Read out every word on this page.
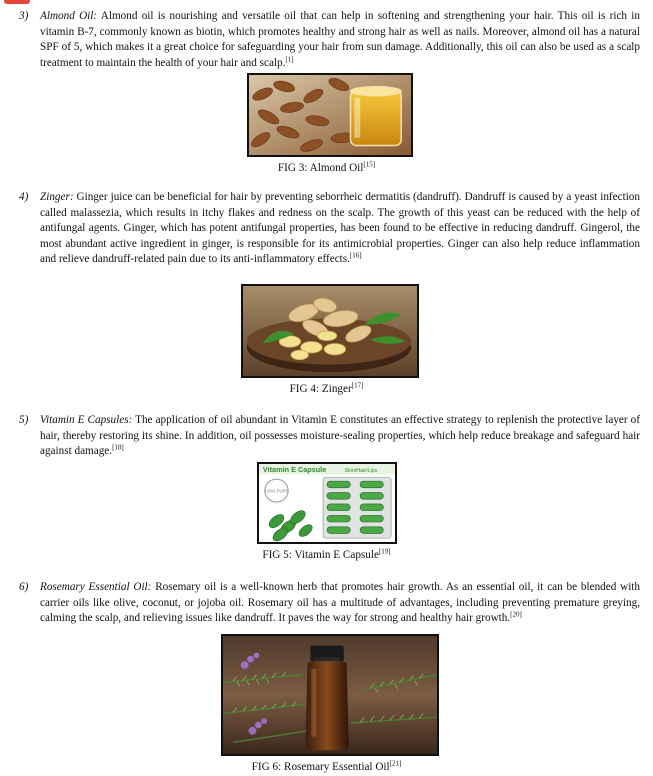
3) Almond Oil: Almond oil is nourishing and versatile oil that can help in softening and strengthening your hair. This oil is rich in vitamin B-7, commonly known as biotin, which promotes healthy and strong hair as well as nails. Moreover, almond oil has a natural SPF of 5, which makes it a great choice for safeguarding your hair from sun damage. Additionally, this oil can also be used as a scalp treatment to maintain the health of your hair and scalp.[1]

FIG 3: Almond Oil[15]
4) Zinger: Ginger juice can be beneficial for hair by preventing seborrheic dermatitis (dandruff). Dandruff is caused by a yeast infection called malassezia, which results in itchy flakes and redness on the scalp. The growth of this yeast can be reduced with the help of antifungal agents. Ginger, which has potent antifungal properties, has been found to be effective in reducing dandruff. Gingerol, the most abundant active ingredient in ginger, is responsible for its antimicrobial properties. Ginger can also help reduce inflammation and relieve dandruff-related pain due to its anti-inflammatory effects.[16]

FIG 4: Zinger[17]
5) Vitamin E Capsules: The application of oil abundant in Vitamin E constitutes an effective strategy to replenish the protective layer of hair, thereby restoring its shine. In addition, oil possesses moisture-sealing properties, which help reduce breakage and safeguard hair against damage.[18]

Vitamin E Capsule	Skin/Hair/Lips
100% PURE
FIG 5: Vitamin E Capsule[19]
6) Rosemary Essential Oil: Rosemary oil is a well-known herb that promotes hair growth. As an essential oil, it can be blended with carrier oils like olive, coconut, or jojoba oil. Rosemary oil has a multitude of advantages, including preventing premature greying, calming the scalp, and relieving issues like dandruff. It paves the way for strong and healthy hair growth.[20]

FIG 6: Rosemary Essential Oil[21]
